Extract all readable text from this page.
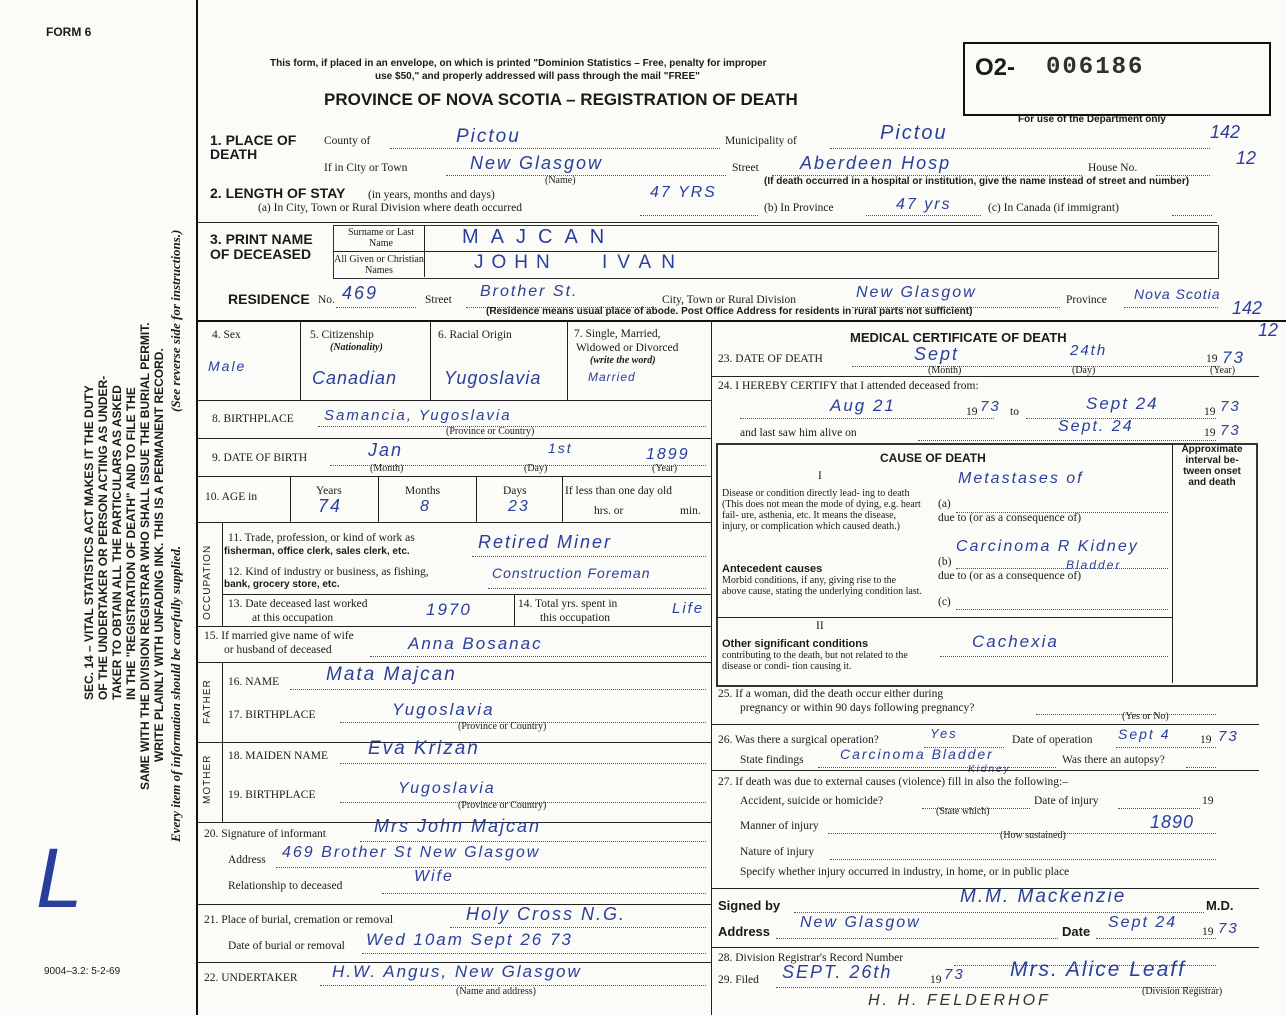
FORM 6
SEC. 14 – VITAL STATISTICS ACT MAKES IT THE DUTY OF THE UNDERTAKER OR PERSON ACTING AS UNDER- TAKER TO OBTAIN ALL THE PARTICULARS AS ASKED IN THE "REGISTRATION OF DEATH" AND TO FILE THE SAME WITH THE DIVISION REGISTRAR WHO SHALL ISSUE THE BURIAL PERMIT. WRITE PLAINLY WITH UNFADING INK. THIS IS A PERMANENT RECORD.
(See reverse side for instructions.)
Every item of information should be carefully supplied.
L
9004–3.2: 5-2-69
This form, if placed in an envelope, on which is printed "Dominion Statistics – Free, penalty for improper
use $50," and properly addressed will pass through the mail "FREE"
PROVINCE OF NOVA SCOTIA – REGISTRATION OF DEATH
O2- 006186
For use of the Department only
142
12
142
12
1. PLACE OF DEATH
County of	Pictou	Municipality of	Pictou
If in City or Town	New Glasgow
(Name)
Street Aberdeen Hosp	House No.
(If death occurred in a hospital or institution, give the name instead of street and number)
2. LENGTH OF STAY (in years, months and days)
(a) In City, Town or Rural Division where death occurred
47 YRS
(b) In Province	47 yrs	(c) In Canada (if immigrant)
3. PRINT NAME OF DECEASED
Surname or Last Name
All Given or Christian Names
MAJCAN
JOHN IVAN
RESIDENCE No. 469	Street Brother St.	City, Town or Rural Division	New Glasgow	Province Nova Scotia
(Residence means usual place of abode. Post Office Address for residents in rural parts not sufficient)
4. Sex
Male
5. Citizenship
(Nationality)
Canadian
6. Racial Origin
Yugoslavia
7. Single, Married,
Widowed or Divorced
(write the word)
Married
8. BIRTHPLACE Samancia, Yugoslavia
(Province or Country)
9. DATE OF BIRTH	Jan	1st	1899
(Month)	(Day)	(Year)
10. AGE in	Years
74
Months
8
Days
23
If less than one day old
hrs. or	min.
OCCUPATION
11. Trade, profession, or kind of work as
fisherman, office clerk, sales clerk, etc.	Retired Miner
12. Kind of industry or business, as fishing,
bank, grocery store, etc.
Construction Foreman
13. Date deceased last worked
at this occupation	1970	14. Total yrs. spent in
this occupation
Life
15. If married give name of wife
or husband of deceased	Anna Bosanac
FATHER 16. NAME Mata Majcan
17. BIRTHPLACE	Yugoslavia
(Province or Country)
MOTHER 18. MAIDEN NAME Eva Krizan
19. BIRTHPLACE	Yugoslavia
(Province or Country)
20. Signature of informant	Mrs John Majcan
Address 469 Brother St New Glasgow
Relationship to deceased
Wife
21. Place of burial, cremation or removal	Holy Cross N.G.
Date of burial or removal Wed 10am Sept 26 73
22. UNDERTAKER H.W. Angus, New Glasgow
(Name and address)
MEDICAL CERTIFICATE OF DEATH
23. DATE OF DEATH	Sept	24th	19 73
(Month)	(Day)	(Year)
24. I HEREBY CERTIFY that I attended deceased from:
Aug 21	19 73 to	Sept 24	19 73
and last saw him alive on	Sept. 24	19 73
CAUSE OF DEATH
Approximate interval be- tween onset and death
I
Disease or condition directly lead- ing to death (This does not mean the mode of dying, e.g. heart fail- ure, asthenia, etc. It means the disease, injury, or complication which caused death.)
(a)
Metastases of
due to (or as a consequence of)
Antecedent causes
Morbid conditions, if any, giving rise to the above cause, stating the underlying condition last.
(b)
Carcinoma R Kidney
Bladder
due to (or as a consequence of)
(c)
II
Other significant conditions
contributing to the death, but not related to the disease or condi- tion causing it.
Cachexia
25. If a woman, did the death occur either during
pregnancy or within 90 days following pregnancy?
(Yes or No)
26. Was there a surgical operation?	Yes	Date of operation Sept 4	19 73
State findings	Carcinoma Bladder
Kidney
Was there an autopsy?
27. If death was due to external causes (violence) fill in also the following:–
Accident, suicide or homicide?
(State which)
Date of injury	19
Manner of injury	1890
(How sustained)
Nature of injury
Specify whether injury occurred in industry, in home, or in public place
Signed by	M.M. Mackenzie	M.D.
Address
New Glasgow
Date
Sept 24
19 73
28. Division Registrar's Record Number
29. Filed SEPT. 26th	19 73 Mrs. Alice Leaff
(Division Registrar)
H. H. FELDERHOF
